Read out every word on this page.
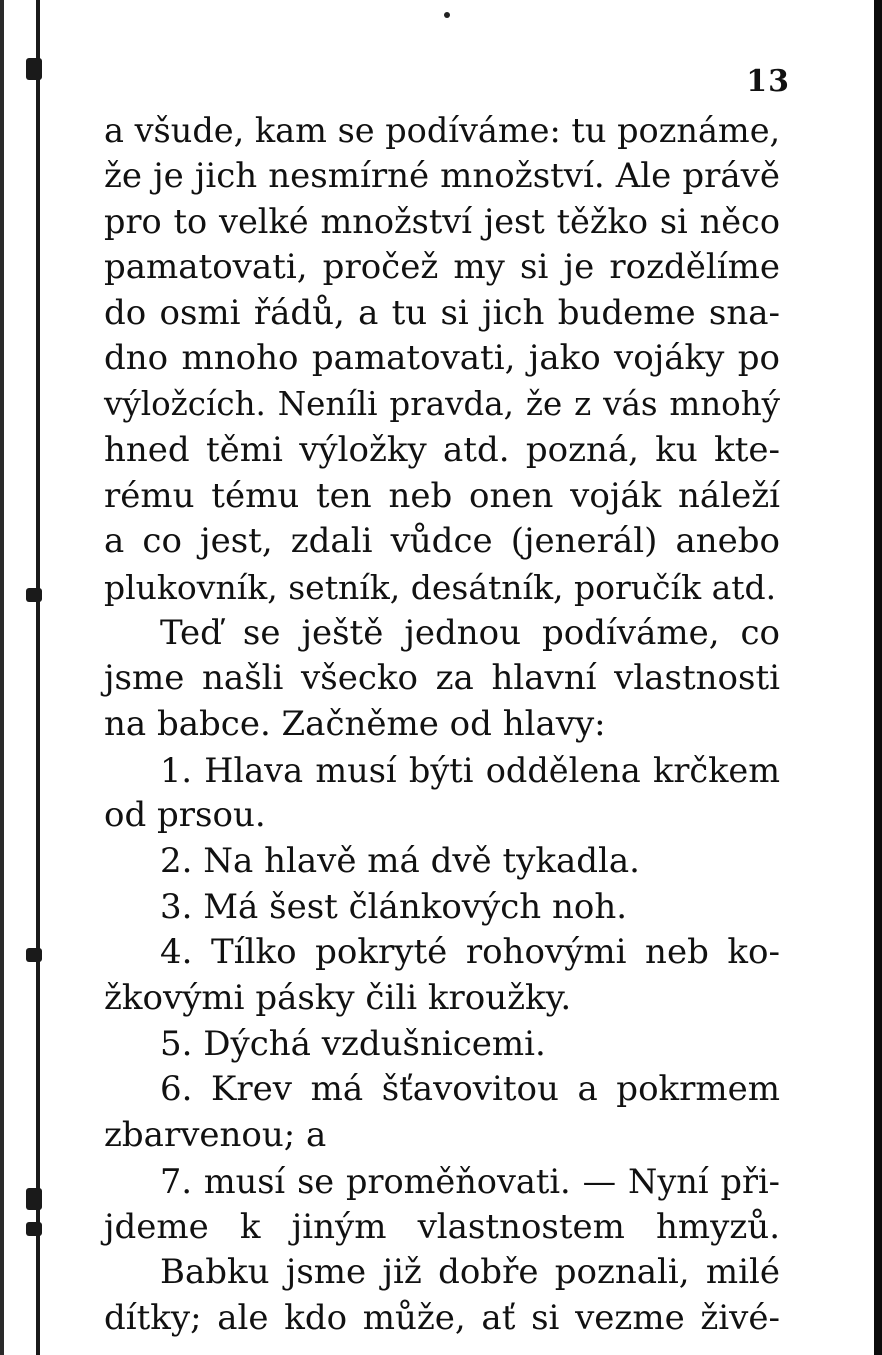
13
a všude, kam se podíváme: tu poznáme,
že je jich nesmírné množství. Ale právě
pro to velké množství jest těžko si něco
pamatovati, pročež my si je rozdělíme
do osmi řádů, a tu si jich budeme sna-
dno mnoho pamatovati, jako vojáky po
výložcích. Neníli pravda, že z vás mnohý
hned těmi výložky atd. pozná, ku kte-
rému tému ten neb onen voják náleží
a co jest, zdali vůdce (jenerál) anebo
plukovník, setník, desátník, poručík atd.
Teď se ještě jednou podíváme, co
jsme našli všecko za hlavní vlastnosti
na babce. Začněme od hlavy:
1. Hlava musí býti oddělena krčkem
od prsou.
2. Na hlavě má dvě tykadla.
3. Má šest článkových noh.
4. Tílko pokryté rohovými neb ko-
žkovými pásky čili kroužky.
5. Dýchá vzdušnicemi.
6. Krev má šťavovitou a pokrmem
zbarvenou; a
7. musí se proměňovati. — Nyní při-
jdeme k jiným vlastnostem hmyzů.
Babku jsme již dobře poznali, milé
dítky; ale kdo může, ať si vezme živé-
